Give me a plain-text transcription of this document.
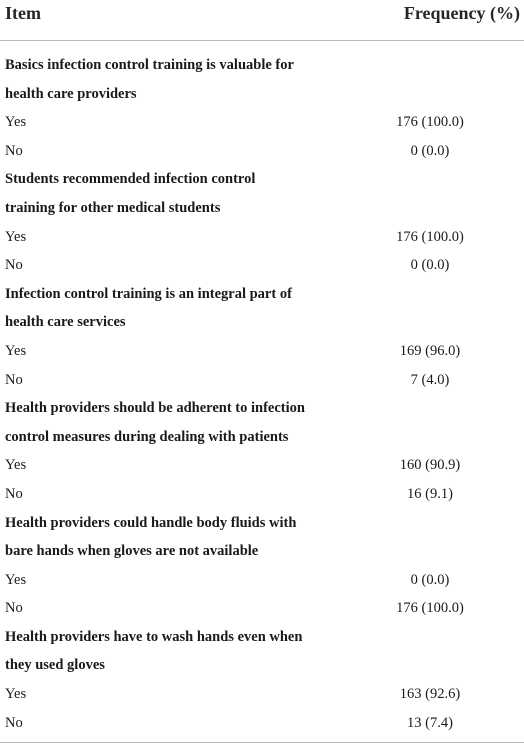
Item	Frequency (%)
Basics infection control training is valuable for
health care providers
Yes	176 (100.0)
No	0 (0.0)
Students recommended infection control
training for other medical students
Yes	176 (100.0)
No	0 (0.0)
Infection control training is an integral part of
health care services
Yes	169 (96.0)
No	7 (4.0)
Health providers should be adherent to infection
control measures during dealing with patients
Yes	160 (90.9)
No	16 (9.1)
Health providers could handle body fluids with
bare hands when gloves are not available
Yes	0 (0.0)
No	176 (100.0)
Health providers have to wash hands even when
they used gloves
Yes	163 (92.6)
No	13 (7.4)
